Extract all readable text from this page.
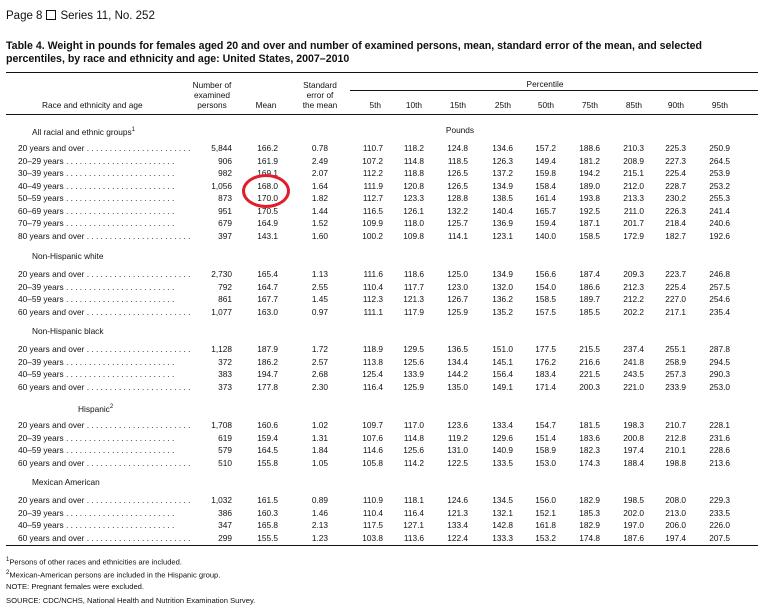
Page 8 Series 11, No. 252
Table 4. Weight in pounds for females aged 20 and over and number of examined persons, mean, standard error of the mean, and selected percentiles, by race and ethnicity and age: United States, 2007–2010
Race and ethnicity and age
Number of
examined
persons	Mean
Standard
error of
the mean
Percentile
5th	10th	15th	25th	50th	75th	85th	90th	95th
Pounds
All racial and ethnic groups$^1$
20 years and over . . .	5,844	166.2	0.78	110.7	118.2	124.8	134.6	157.2	188.6	210.3	225.3	250.9
20–29 years . . .	906	161.9	2.49	107.2	114.8	118.5	126.3	149.4	181.2	208.9	227.3	264.5
30–39 years . . .	982	169.1	2.07	112.2	118.8	126.5	137.2	159.8	194.2	215.1	225.4	253.9
40–49 years . . .	1,056	168.0	1.64	111.9	120.8	126.5	134.9	158.4	189.0	212.0	228.7	253.2
50–59 years . . .	873	170.0	1.82	112.7	123.3	128.8	138.5	161.4	193.8	213.3	230.2	255.3
60–69 years . . .	951	170.5	1.44	116.5	126.1	132.2	140.4	165.7	192.5	211.0	226.3	241.4
70–79 years . . .	679	164.9	1.52	109.9	118.0	125.7	136.9	159.4	187.1	201.7	218.4	240.6
80 years and over . . .	397	143.1	1.60	100.2	109.8	114.1	123.1	140.0	158.5	172.9	182.7	192.6
Non-Hispanic white
20 years and over . . .	2,730	165.4	1.13	111.6	118.6	125.0	134.9	156.6	187.4	209.3	223.7	246.8
20–39 years . . .	792	164.7	2.55	110.4	117.7	123.0	132.0	154.0	186.6	212.3	225.4	257.5
40–59 years . . .	861	167.7	1.45	112.3	121.3	126.7	136.2	158.5	189.7	212.2	227.0	254.6
60 years and over . . .	1,077	163.0	0.97	111.1	117.9	125.9	135.2	157.5	185.5	202.2	217.1	235.4
Non-Hispanic black
20 years and over . . .	1,128	187.9	1.72	118.9	129.5	136.5	151.0	177.5	215.5	237.4	255.1	287.8
20–39 years . . .	372	186.2	2.57	113.8	125.6	134.4	145.1	176.2	216.6	241.8	258.9	294.5
40–59 years . . .	383	194.7	2.68	125.4	133.9	144.2	156.4	183.4	221.5	243.5	257.3	290.3
60 years and over . . .	373	177.8	2.30	116.4	125.9	135.0	149.1	171.4	200.3	221.0	233.9	253.0
Hispanic$^2$
20 years and over . . .	1,708	160.6	1.02	109.7	117.0	123.6	133.4	154.7	181.5	198.3	210.7	228.1
20–39 years . . .	619	159.4	1.31	107.6	114.8	119.2	129.6	151.4	183.6	200.8	212.8	231.6
40–59 years . . .	579	164.5	1.84	114.6	125.6	131.0	140.9	158.9	182.3	197.4	210.1	228.6
60 years and over . . .	510	155.8	1.05	105.8	114.2	122.5	133.5	153.0	174.3	188.4	198.8	213.6
Mexican American
20 years and over . . .	1,032	161.5	0.89	110.9	118.1	124.6	134.5	156.0	182.9	198.5	208.0	229.3
20–39 years . . .	386	160.3	1.46	110.4	116.4	121.3	132.1	152.1	185.3	202.0	213.0	233.5
40–59 years . . .	347	165.8	2.13	117.5	127.1	133.4	142.8	161.8	182.9	197.0	206.0	226.0
60 years and over . . .	299	155.5	1.23	103.8	113.6	122.4	133.3	153.2	174.8	187.6	197.4	207.5
$^1$Persons of other races and ethnicities are included.
$^2$Mexican-American persons are included in the Hispanic group.
NOTE: Pregnant females were excluded.
SOURCE: CDC/NCHS, National Health and Nutrition Examination Survey.
